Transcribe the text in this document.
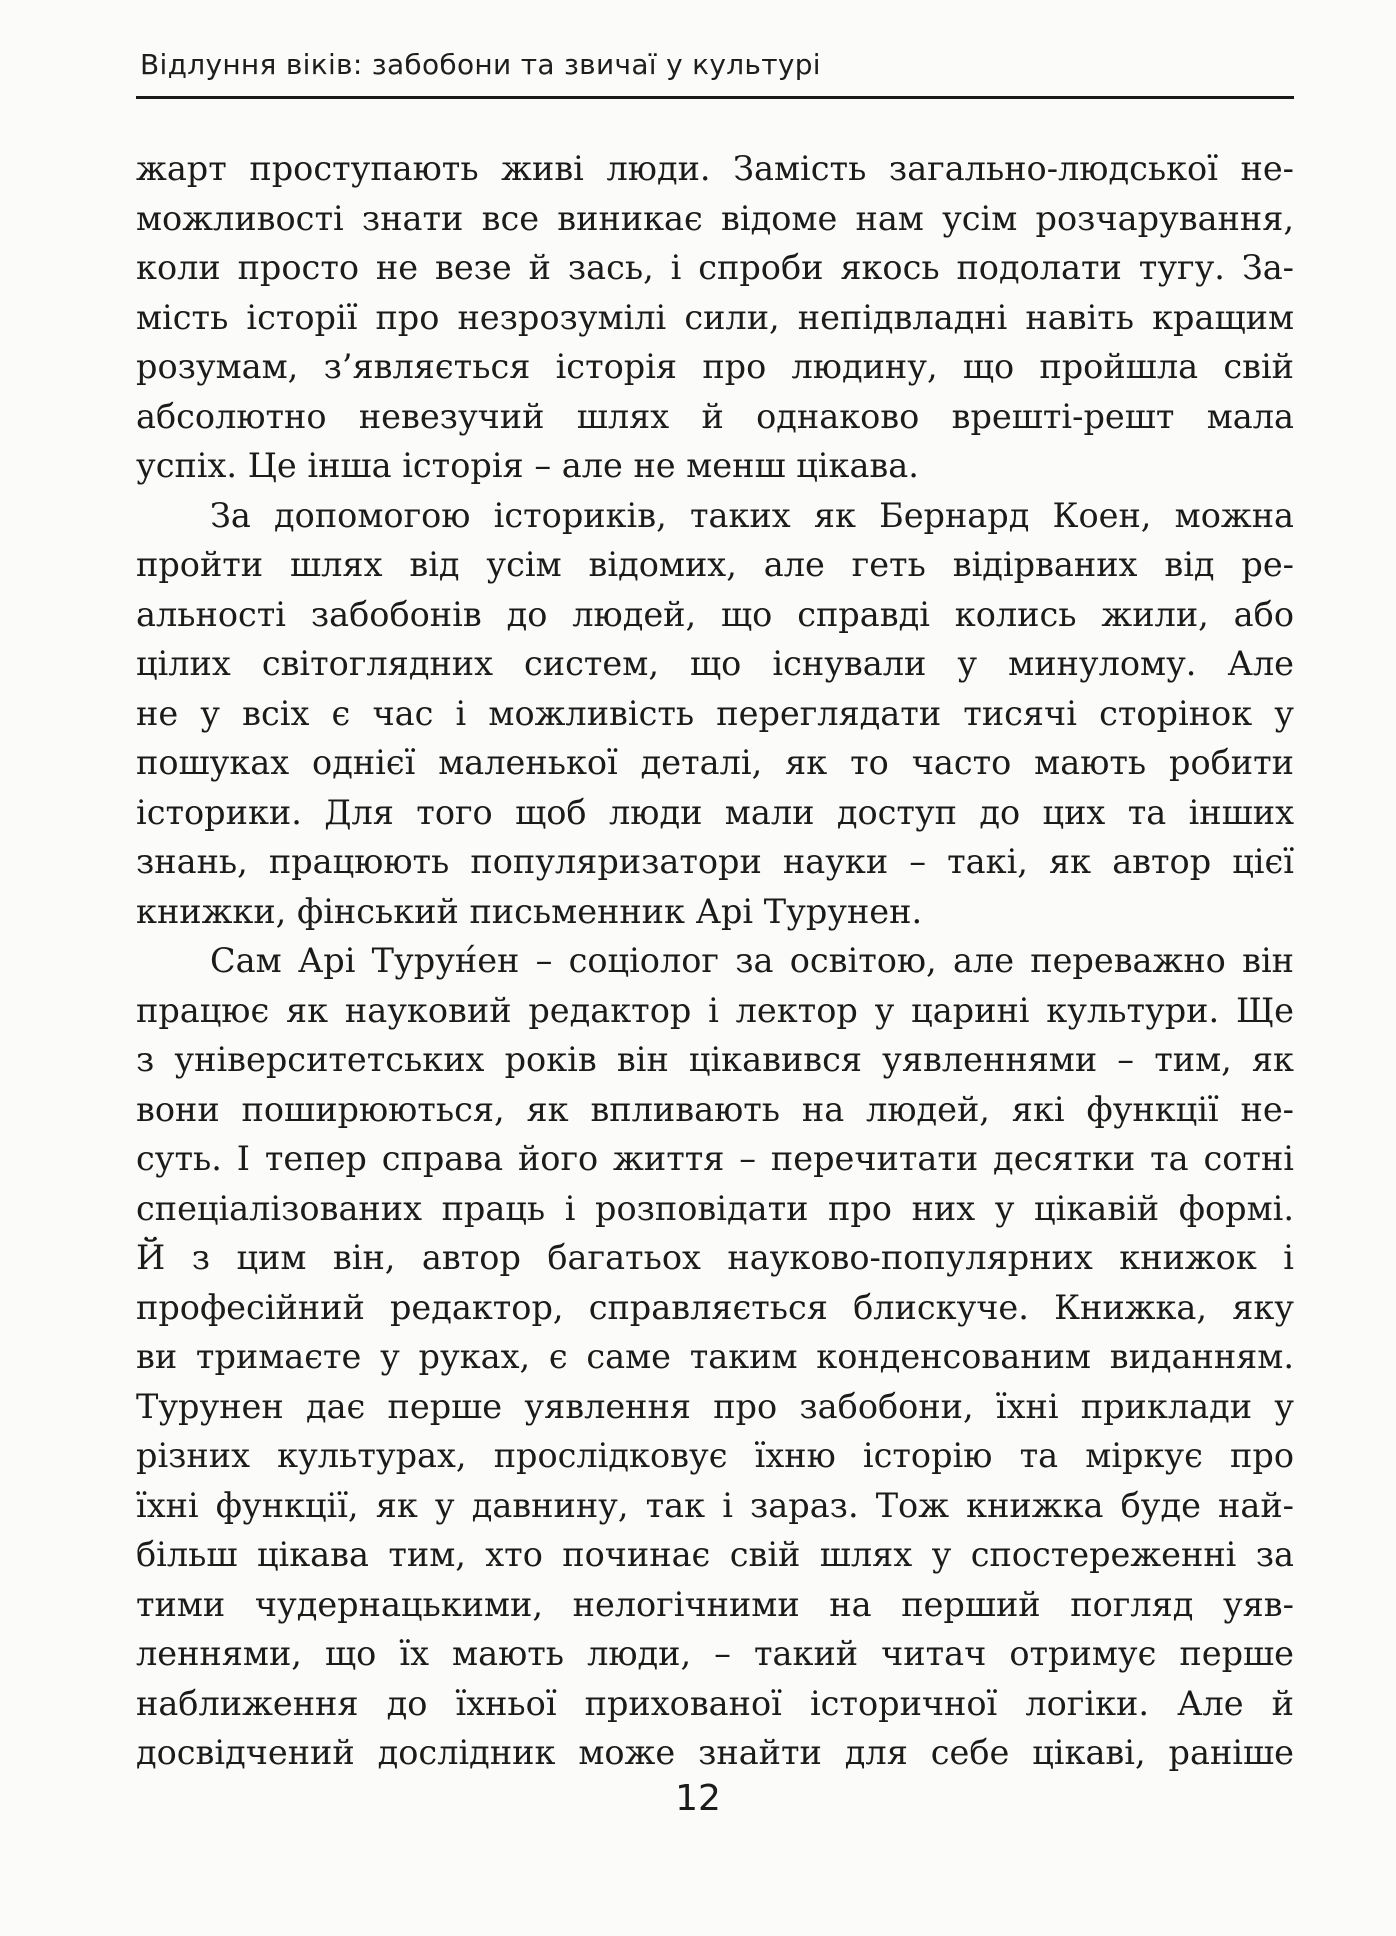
Відлуння віків: забобони та звичаї у культурі
жарт проступають живі люди. Замість загально-людської не-
можливості знати все виникає відоме нам усім розчарування,
коли просто не везе й зась, і спроби якось подолати тугу. За-
мість історії про незрозумілі сили, непідвладні навіть кращим
розумам, з’являється історія про людину, що пройшла свій
абсолютно невезучий шлях й однаково врешті-решт мала
успіх. Це інша історія – але не менш цікава.
За допомогою істориків, таких як Бернард Коен, можна
пройти шлях від усім відомих, але геть відірваних від ре-
альності забобонів до людей, що справді колись жили, або
цілих світоглядних систем, що існували у минулому. Але
не у всіх є час і можливість переглядати тисячі сторінок у
пошуках однієї маленької деталі, як то часто мають робити
історики. Для того щоб люди мали доступ до цих та інших
знань, працюють популяризатори науки – такі, як автор цієї
книжки, фінський письменник Арі Турунен.
Сам Арі Турун́ен – соціолог за освітою, але переважно він
працює як науковий редактор і лектор у царині культури. Ще
з університетських років він цікавився уявленнями – тим, як
вони поширюються, як впливають на людей, які функції не-
суть. І тепер справа його життя – перечитати десятки та сотні
спеціалізованих праць і розповідати про них у цікавій формі.
Й з цим він, автор багатьох науково-популярних книжок і
професійний редактор, справляється блискуче. Книжка, яку
ви тримаєте у руках, є саме таким конденсованим виданням.
Турунен дає перше уявлення про забобони, їхні приклади у
різних культурах, прослідковує їхню історію та міркує про
їхні функції, як у давнину, так і зараз. Тож книжка буде най-
більш цікава тим, хто починає свій шлях у спостереженні за
тими чудернацькими, нелогічними на перший погляд уяв-
леннями, що їх мають люди, – такий читач отримує перше
наближення до їхньої прихованої історичної логіки. Але й
досвідчений дослідник може знайти для себе цікаві, раніше
12
